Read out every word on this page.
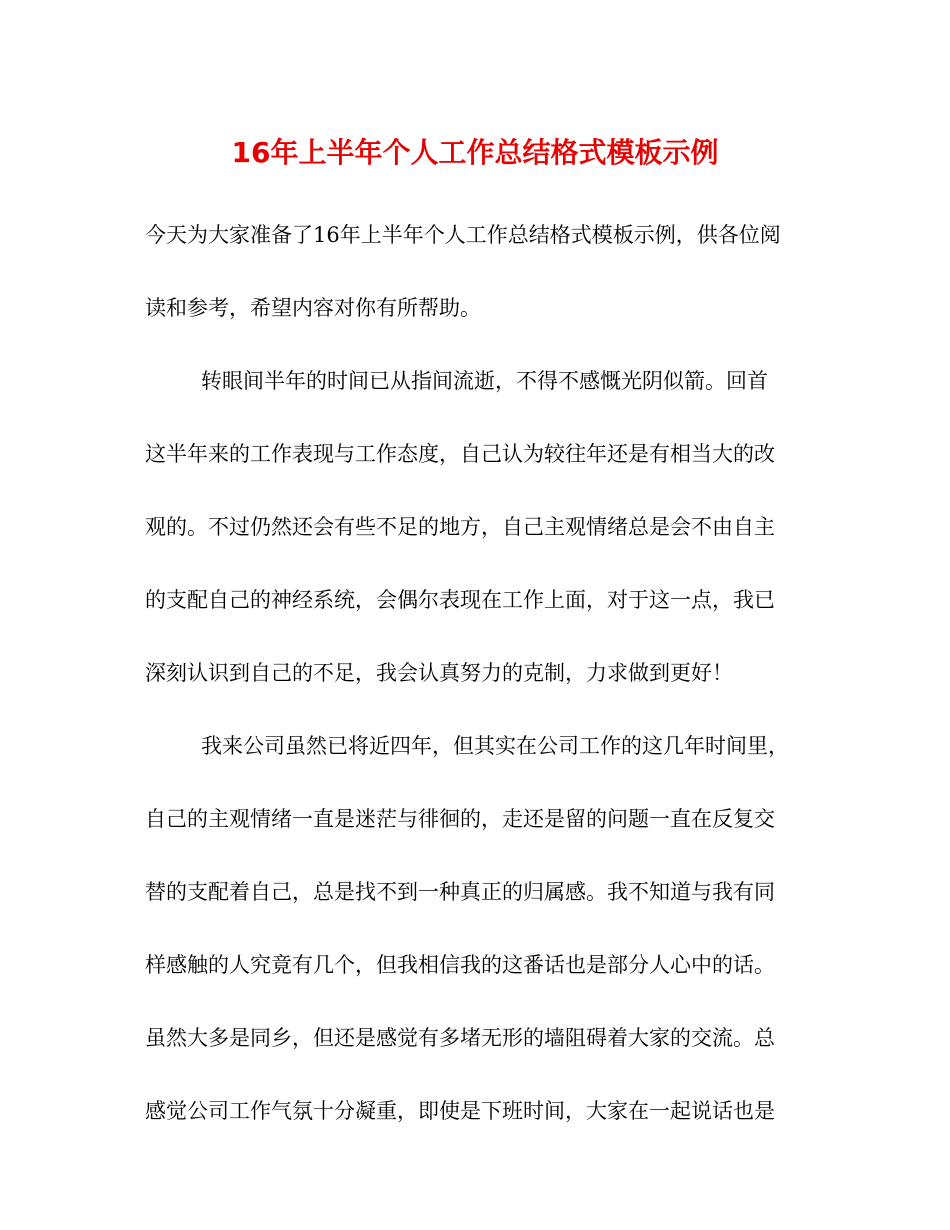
16年上半年个人工作总结格式模板示例

今天为大家准备了16年上半年个人工作总结格式模板示例，供各位阅

读和参考，希望内容对你有所帮助。

转眼间半年的时间已从指间流逝，不得不感慨光阴似箭。回首

这半年来的工作表现与工作态度，自己认为较往年还是有相当大的改

观的。不过仍然还会有些不足的地方，自己主观情绪总是会不由自主

的支配自己的神经系统，会偶尔表现在工作上面，对于这一点，我已

深刻认识到自己的不足，我会认真努力的克制，力求做到更好！

我来公司虽然已将近四年，但其实在公司工作的这几年时间里，

自己的主观情绪一直是迷茫与徘徊的，走还是留的问题一直在反复交

替的支配着自己，总是找不到一种真正的归属感。我不知道与我有同

样感触的人究竟有几个，但我相信我的这番话也是部分人心中的话。

虽然大多是同乡，但还是感觉有多堵无形的墙阻碍着大家的交流。总

感觉公司工作气氛十分凝重，即使是下班时间，大家在一起说话也是
